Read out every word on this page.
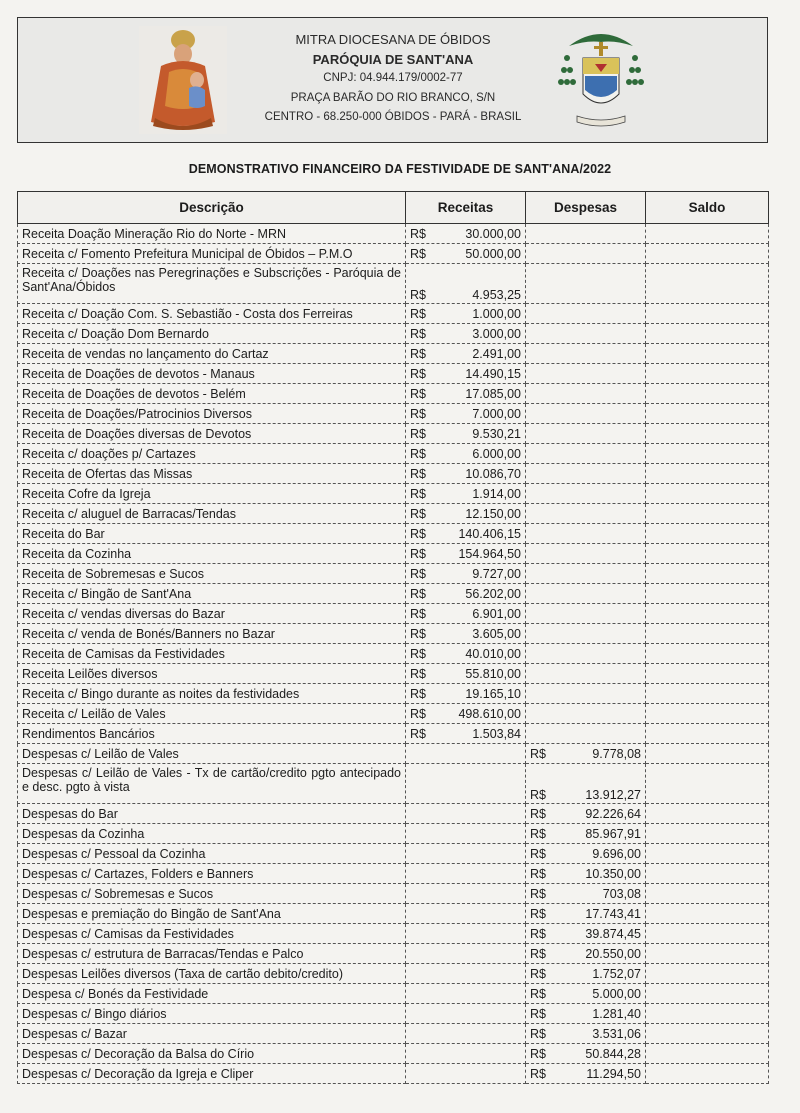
MITRA DIOCESANA DE ÓBIDOS
PARÓQUIA DE SANT'ANA
CNPJ: 04.944.179/0002-77
PRAÇA BARÃO DO RIO BRANCO, S/N
CENTRO - 68.250-000 ÓBIDOS - PARÁ - BRASIL
DEMONSTRATIVO FINANCEIRO DA FESTIVIDADE DE SANT'ANA/2022
Descrição	Receitas	Despesas	Saldo
Receita Doação Mineração Rio do Norte - MRN	R$ 30.000,00		

Receita c/ Fomento Prefeitura Municipal de Óbidos – P.M.O	R$ 50.000,00		

Receita c/ Doações nas Peregrinações e Subscrições - Paróquia de Sant'Ana/Óbidos	R$ 4.953,25		

Receita c/ Doação Com. S. Sebastião - Costa dos Ferreiras	R$ 1.000,00		

Receita c/ Doação Dom Bernardo	R$ 3.000,00		

Receita de vendas no lançamento do Cartaz	R$ 2.491,00		

Receita de Doações de devotos - Manaus	R$ 14.490,15		

Receita de Doações de devotos - Belém	R$ 17.085,00		

Receita de Doações/Patrocinios Diversos	R$ 7.000,00		

Receita de Doações diversas de Devotos	R$ 9.530,21		

Receita c/ doações p/ Cartazes	R$ 6.000,00		

Receita de Ofertas das Missas	R$ 10.086,70		

Receita Cofre da Igreja	R$ 1.914,00		

Receita c/ aluguel de Barracas/Tendas	R$ 12.150,00		

Receita do Bar	R$ 140.406,15		

Receita da Cozinha	R$ 154.964,50		

Receita de Sobremesas e Sucos	R$ 9.727,00		

Receita c/ Bingão de Sant'Ana	R$ 56.202,00		

Receita c/ vendas diversas do Bazar	R$ 6.901,00		

Receita c/ venda de Bonés/Banners no Bazar	R$ 3.605,00		

Receita de Camisas da Festividades	R$ 40.010,00		

Receita Leilões diversos	R$ 55.810,00		

Receita c/ Bingo durante as noites da festividades	R$ 19.165,10		

Receita c/ Leilão de Vales	R$ 498.610,00		

Rendimentos Bancários	R$ 1.503,84		

Despesas c/ Leilão de Vales		R$ 9.778,08	

Despesas c/ Leilão de Vales - Tx de cartão/credito pgto antecipado e desc. pgto à vista		R$ 13.912,27	

Despesas do Bar		R$ 92.226,64	

Despesas da Cozinha		R$ 85.967,91	

Despesas c/ Pessoal da Cozinha		R$ 9.696,00	

Despesas c/ Cartazes, Folders e Banners		R$ 10.350,00	

Despesas c/ Sobremesas e Sucos		R$ 703,08	

Despesas e premiação do Bingão de Sant'Ana		R$ 17.743,41	

Despesas c/ Camisas da Festividades		R$ 39.874,45	

Despesas c/ estrutura de Barracas/Tendas e Palco		R$ 20.550,00	

Despesas Leilões diversos (Taxa de cartão debito/credito)		R$ 1.752,07	

Despesa c/ Bonés da Festividade		R$ 5.000,00	

Despesas c/ Bingo diários		R$ 1.281,40	

Despesas c/ Bazar		R$ 3.531,06	

Despesas c/ Decoração da Balsa do Círio		R$ 50.844,28	

Despesas c/ Decoração da Igreja e Cliper		R$ 11.294,50	
